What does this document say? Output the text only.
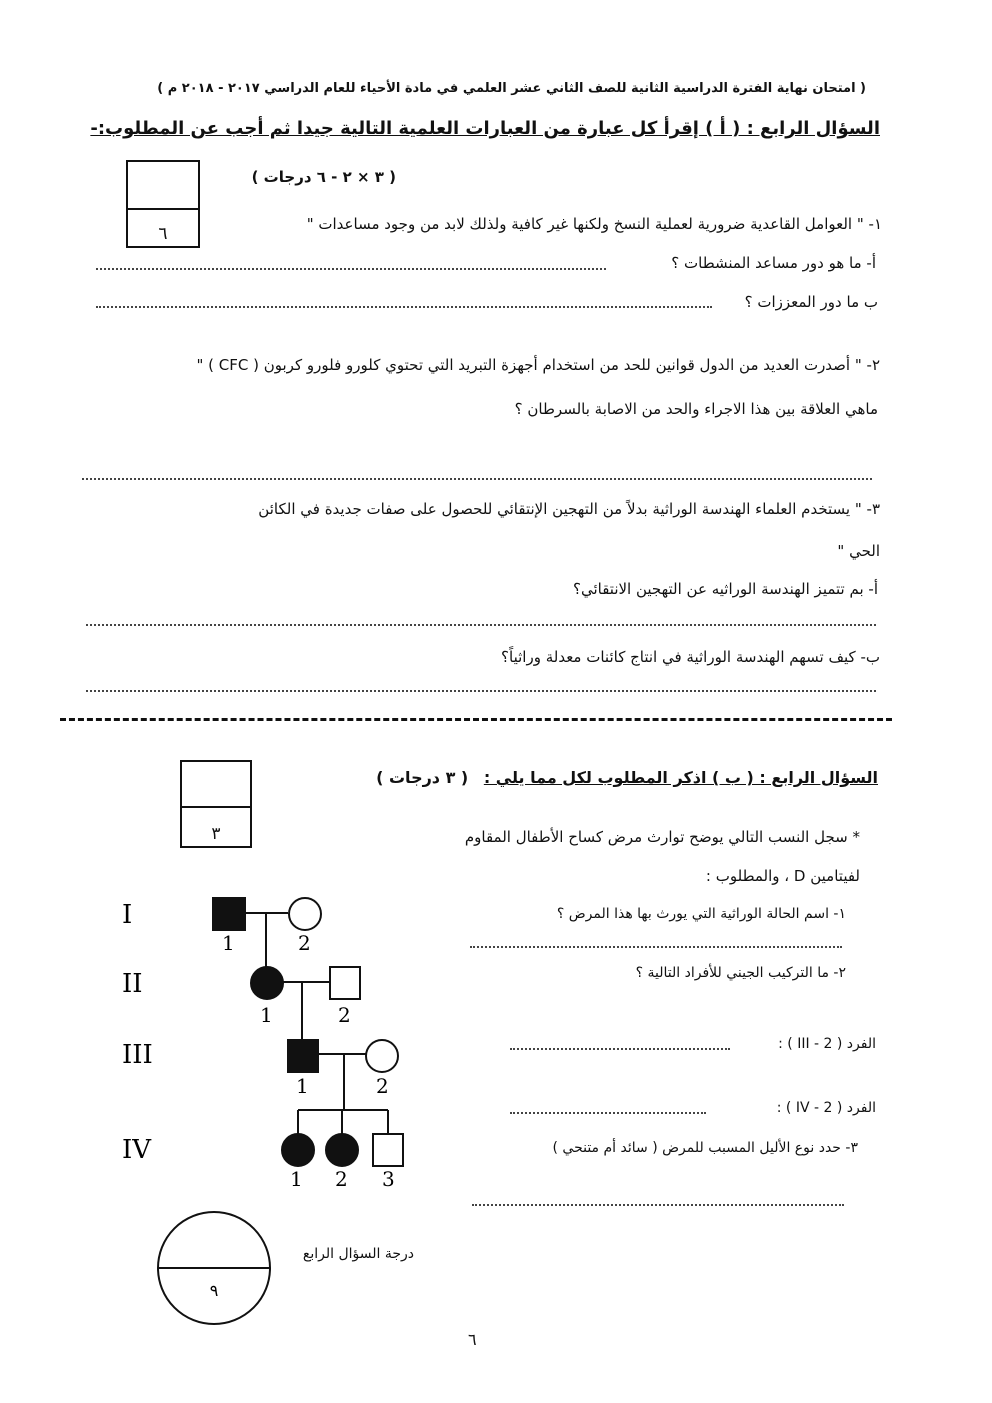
( امتحان نهاية الفترة الدراسية الثانية للصف الثاني عشر العلمي في مادة الأحياء للعام الدراسي ٢٠١٧ - ٢٠١٨ م )
السؤال الرابع : ( أ ) إقرأ كل عبارة من العبارات العلمية التالية جيدا ثم أجب عن المطلوب:-
٦
( ٣ × ٢ - ٦ درجات )
١- " العوامل القاعدية ضرورية لعملية النسخ ولكنها غير كافية ولذلك لابد من وجود مساعدات "
أ- ما هو دور مساعد المنشطات ؟
ب ما دور المعززات ؟
٢- " أصدرت العديد من الدول قوانين للحد من استخدام أجهزة التبريد التي تحتوي كلورو فلورو كربون ( CFC ) "
ماهي العلاقة بين هذا الاجراء والحد من الاصابة بالسرطان ؟
٣- " يستخدم العلماء الهندسة الوراثية بدلاً من التهجين الإنتقائي للحصول على صفات جديدة في الكائن
الحي "
أ- بم تتميز الهندسة الوراثيه عن التهجين الانتقائي؟
ب- كيف تسهم الهندسة الوراثية في انتاج كائنات معدلة وراثياً؟
٣
السؤال الرابع : ( ب ) اذكر المطلوب لكل مما يلي : ( ٣ درجات )
* سجل النسب التالي يوضح توارث مرض كساح الأطفال المقاوم
لفيتامين D ، والمطلوب :
١- اسم الحالة الوراثية التي يورث بها هذا المرض ؟
٢- ما التركيب الجيني للأفراد التالية ؟
الفرد ( III - 2 ) :
الفرد ( IV - 2 ) :
٣- حدد نوع الأليل المسبب للمرض ( سائد أم متنحي )
I
II
III
IV
1	2
1	2
1	2
1 2 3
٩
درجة السؤال الرابع
٦
